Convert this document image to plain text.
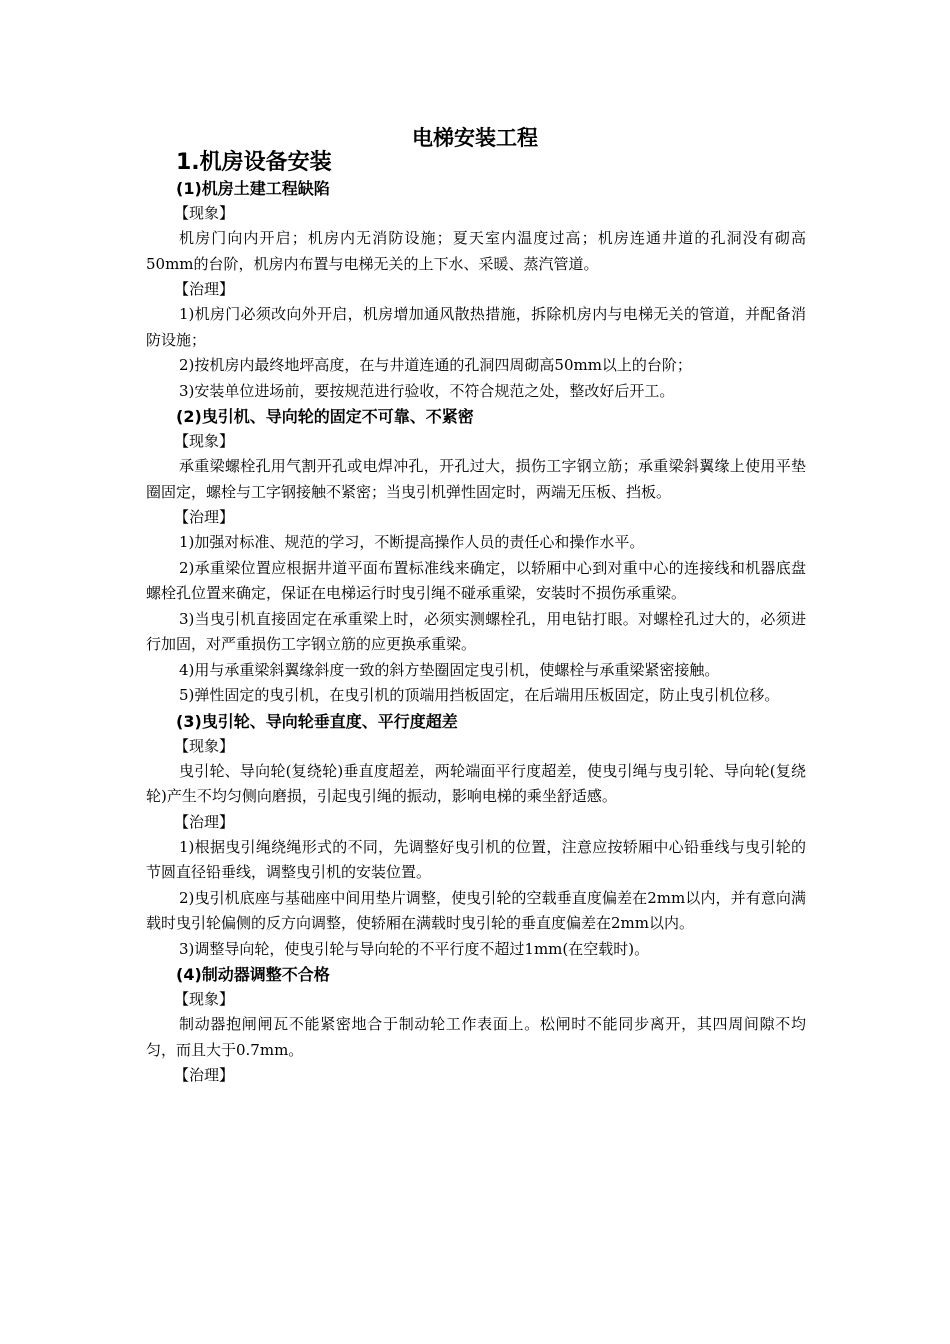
电梯安装工程
1.机房设备安装

(1)机房土建工程缺陷

【现象】

机房门向内开启；机房内无消防设施；夏天室内温度过高；机房连通井道的孔洞没有砌高50mm的台阶，机房内布置与电梯无关的上下水、采暖、蒸汽管道。

【治理】

1)机房门必须改向外开启，机房增加通风散热措施，拆除机房内与电梯无关的管道，并配备消防设施；

2)按机房内最终地坪高度，在与井道连通的孔洞四周砌高50mm以上的台阶；

3)安装单位进场前，要按规范进行验收，不符合规范之处，整改好后开工。

(2)曳引机、导向轮的固定不可靠、不紧密

【现象】

承重梁螺栓孔用气割开孔或电焊冲孔，开孔过大，损伤工字钢立筋；承重梁斜翼缘上使用平垫圈固定，螺栓与工字钢接触不紧密；当曳引机弹性固定时，两端无压板、挡板。

【治理】

1)加强对标准、规范的学习，不断提高操作人员的责任心和操作水平。

2)承重梁位置应根据井道平面布置标准线来确定，以轿厢中心到对重中心的连接线和机器底盘螺栓孔位置来确定，保证在电梯运行时曳引绳不碰承重梁，安装时不损伤承重梁。

3)当曳引机直接固定在承重梁上时，必须实测螺栓孔，用电钻打眼。对螺栓孔过大的，必须进行加固，对严重损伤工字钢立筋的应更换承重梁。

4)用与承重梁斜翼缘斜度一致的斜方垫圈固定曳引机，使螺栓与承重梁紧密接触。

5)弹性固定的曳引机，在曳引机的顶端用挡板固定，在后端用压板固定，防止曳引机位移。

(3)曳引轮、导向轮垂直度、平行度超差

【现象】

曳引轮、导向轮(复绕轮)垂直度超差，两轮端面平行度超差，使曳引绳与曳引轮、导向轮(复绕轮)产生不均匀侧向磨损，引起曳引绳的振动，影响电梯的乘坐舒适感。

【治理】

1)根据曳引绳绕绳形式的不同，先调整好曳引机的位置，注意应按轿厢中心铅垂线与曳引轮的节圆直径铅垂线，调整曳引机的安装位置。

2)曳引机底座与基础座中间用垫片调整，使曳引轮的空载垂直度偏差在2mm以内，并有意向满载时曳引轮偏侧的反方向调整，使轿厢在满载时曳引轮的垂直度偏差在2mm以内。

3)调整导向轮，使曳引轮与导向轮的不平行度不超过1mm(在空载时)。

(4)制动器调整不合格

【现象】

制动器抱闸闸瓦不能紧密地合于制动轮工作表面上。松闸时不能同步离开，其四周间隙不均匀，而且大于0.7mm。

【治理】
